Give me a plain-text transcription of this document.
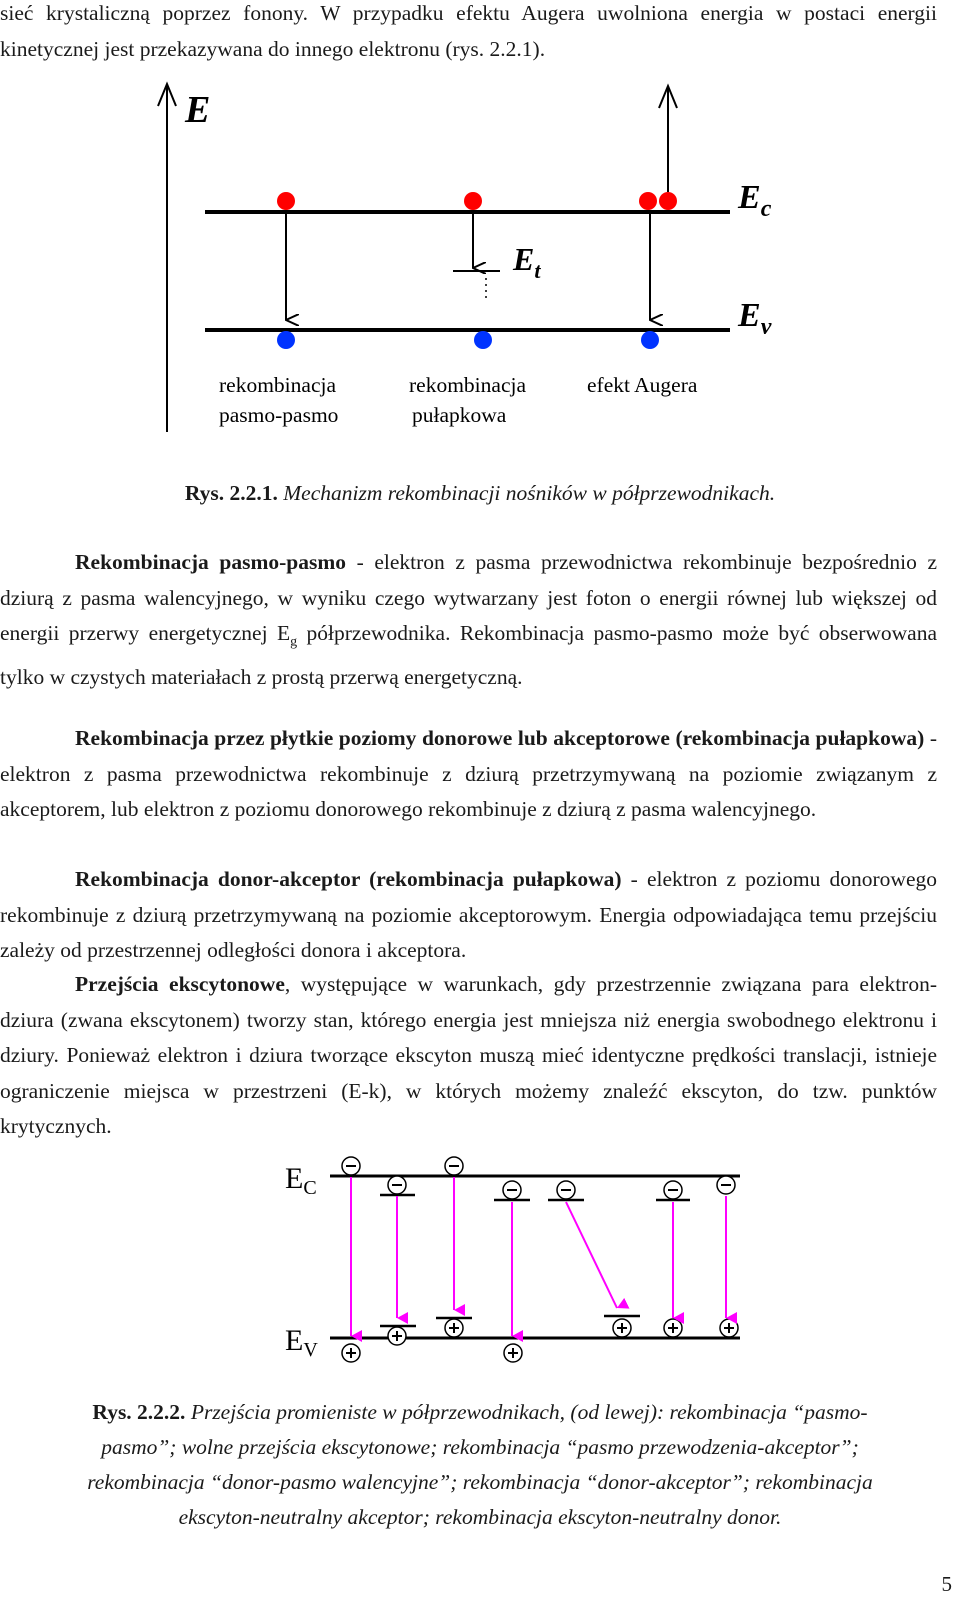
sieć krystaliczną poprzez fonony. W przypadku efektu Augera uwolniona energia w postaci energii kinetycznej jest przekazywana do innego elektronu (rys. 2.2.1).

E
$E_c$
$E_v$
$E_t$
rekombinacja
pasmo-pasmo
rekombinacja
pułapkowa
efekt Augera
Rys. 2.2.1. Mechanizm rekombinacji nośników w półprzewodnikach.

Rekombinacja pasmo-pasmo - elektron z pasma przewodnictwa rekombinuje bezpośrednio z dziurą z pasma walencyjnego, w wyniku czego wytwarzany jest foton o energii równej lub większej od energii przerwy energetycznej $E_g$ półprzewodnika. Rekombinacja pasmo-pasmo może być obserwowana tylko w czystych materiałach z prostą przerwą energetyczną.

Rekombinacja przez płytkie poziomy donorowe lub akceptorowe (rekombinacja pułapkowa) - elektron z pasma przewodnictwa rekombinuje z dziurą przetrzymywaną na poziomie związanym z akceptorem, lub elektron z poziomu donorowego rekombinuje z dziurą z pasma walencyjnego.

Rekombinacja donor-akceptor (rekombinacja pułapkowa) - elektron z poziomu donorowego rekombinuje z dziurą przetrzymywaną na poziomie akceptorowym. Energia odpowiadająca temu przejściu zależy od przestrzennej odległości donora i akceptora.

Przejścia ekscytonowe, występujące w warunkach, gdy przestrzennie związana para elektron-dziura (zwana ekscytonem) tworzy stan, którego energia jest mniejsza niż energia swobodnego elektronu i dziury. Ponieważ elektron i dziura tworzące ekscyton muszą mieć identyczne prędkości translacji, istnieje ograniczenie miejsca w przestrzeni (E-k), w których możemy znaleźć ekscyton, do tzw. punktów krytycznych.

$E_C$
$E_V$
Rys. 2.2.2. Przejścia promieniste w półprzewodnikach, (od lewej): rekombinacja “pasmo-
pasmo”; wolne przejścia ekscytonowe; rekombinacja “pasmo przewodzenia-akceptor”;
rekombinacja “donor-pasmo walencyjne”; rekombinacja “donor-akceptor”; rekombinacja
ekscyton-neutralny akceptor; rekombinacja ekscyton-neutralny donor.
5
